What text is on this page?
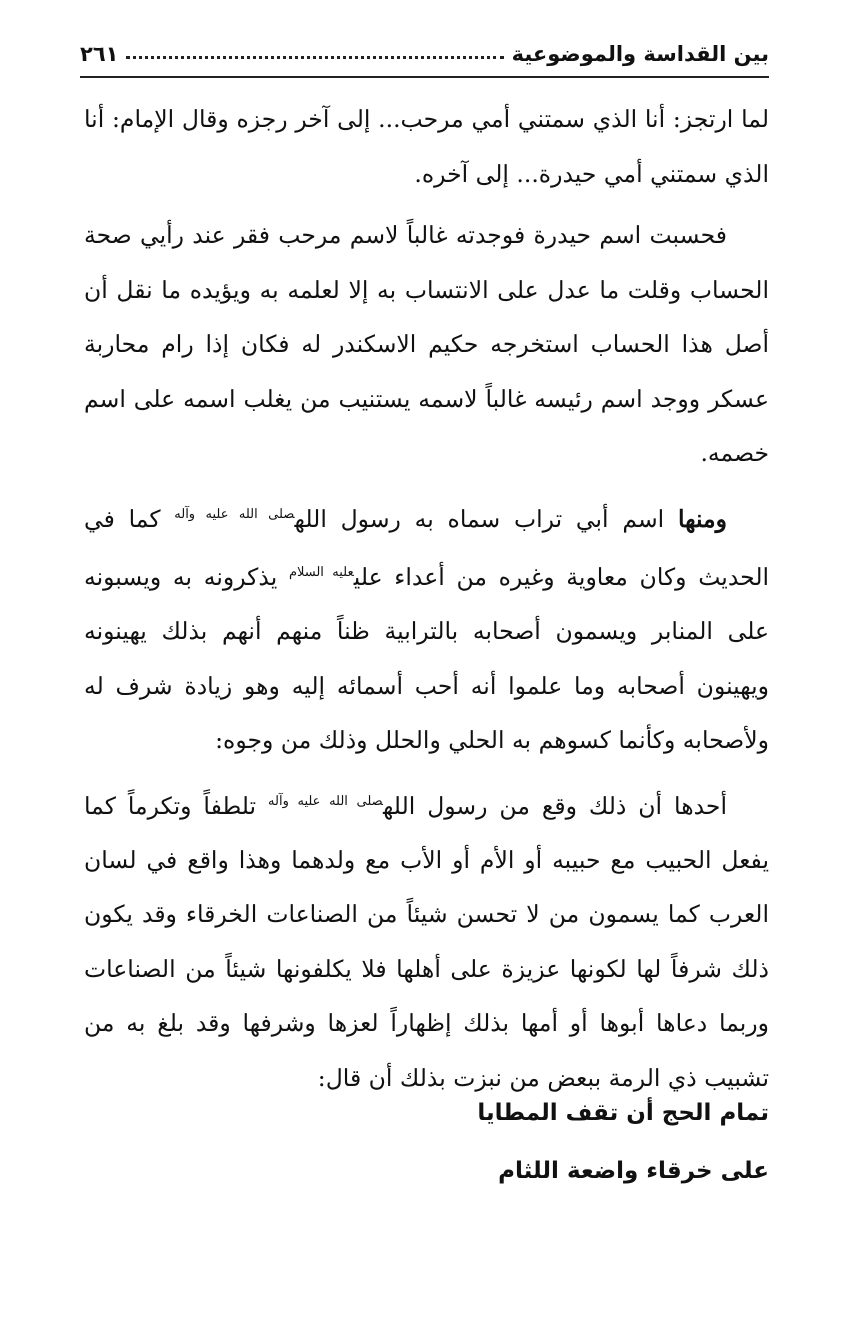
بين القداسة والموضوعية
٢٦١

لما ارتجز: أنا الذي سمتني أمي مرحب... إلى آخر رجزه وقال الإمام: أنا الذي سمتني أمي حيدرة... إلى آخره.

فحسبت اسم حيدرة فوجدته غالباً لاسم مرحب فقر عند رأيي صحة الحساب وقلت ما عدل على الانتساب به إلا لعلمه به ويؤيده ما نقل أن أصل هذا الحساب استخرجه حكيم الاسكندر له فكان إذا رام محاربة عسكر ووجد اسم رئيسه غالباً لاسمه يستنيب من يغلب اسمه على اسم خصمه.

ومنها اسم أبي تراب سماه به رسول الله$^{صلى الله عليه وآله}$ كما في الحديث وكان معاوية وغيره من أعداء علي$^{عليه السلام}$ يذكرونه به ويسبونه على المنابر ويسمون أصحابه بالترابية ظناً منهم أنهم بذلك يهينونه ويهينون أصحابه وما علموا أنه أحب أسمائه إليه وهو زيادة شرف له ولأصحابه وكأنما كسوهم به الحلي والحلل وذلك من وجوه:

أحدها أن ذلك وقع من رسول الله$^{صلى الله عليه وآله}$ تلطفاً وتكرماً كما يفعل الحبيب مع حبيبه أو الأم أو الأب مع ولدهما وهذا واقع في لسان العرب كما يسمون من لا تحسن شيئاً من الصناعات الخرقاء وقد يكون ذلك شرفاً لها لكونها عزيزة على أهلها فلا يكلفونها شيئاً من الصناعات وربما دعاها أبوها أو أمها بذلك إظهاراً لعزها وشرفها وقد بلغ به من تشبيب ذي الرمة ببعض من نبزت بذلك أن قال:

تمام الحج أن تقف المطايا
على خرقاء واضعة اللثام
